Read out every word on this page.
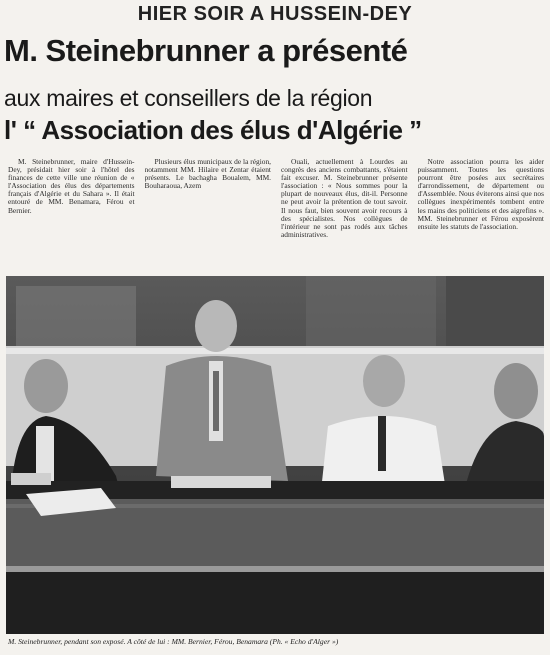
HIER SOIR A HUSSEIN-DEY
M. Steinebrunner a présenté
aux maires et conseillers de la région
l' “ Association des élus d'Algérie ”

M. Steinebrunner, maire d'Hussein-Dey, présidait hier soir à l'hôtel des finances de cette ville une réunion de « l'Association des élus des départements français d'Algérie et du Sahara ». Il était entouré de MM. Benamara, Férou et Bernier.

Plusieurs élus municipaux de la région, notamment MM. Hilaire et Zentar étaient présents. Le bachagha Boualem, MM. Bouharaoua, Azem

Ouali, actuellement à Lourdes au congrès des anciens combattants, s'étaient fait excuser. M. Steinebrunner présente l'association : « Nous sommes pour la plupart de nouveaux élus, dit-il. Personne ne peut avoir la prétention de tout savoir. Il nous faut, bien souvent avoir recours à des spécialistes. Nos collègues de l'intérieur ne sont pas rodés aux tâches administratives.

Notre association pourra les aider puissamment. Toutes les questions pourront être posées aux secrétaires d'arrondissement, de département ou d'Assemblée. Nous éviterons ainsi que nos collègues inexpérimentés tombent entre les mains des politiciens et des aigrefins ». MM. Steinebrunner et Férou exposèrent ensuite les statuts de l'association.

M. Steinebrunner, pendant son exposé. A côté de lui : MM. Bernier, Férou, Benamara (Ph. « Echo d'Alger »)
